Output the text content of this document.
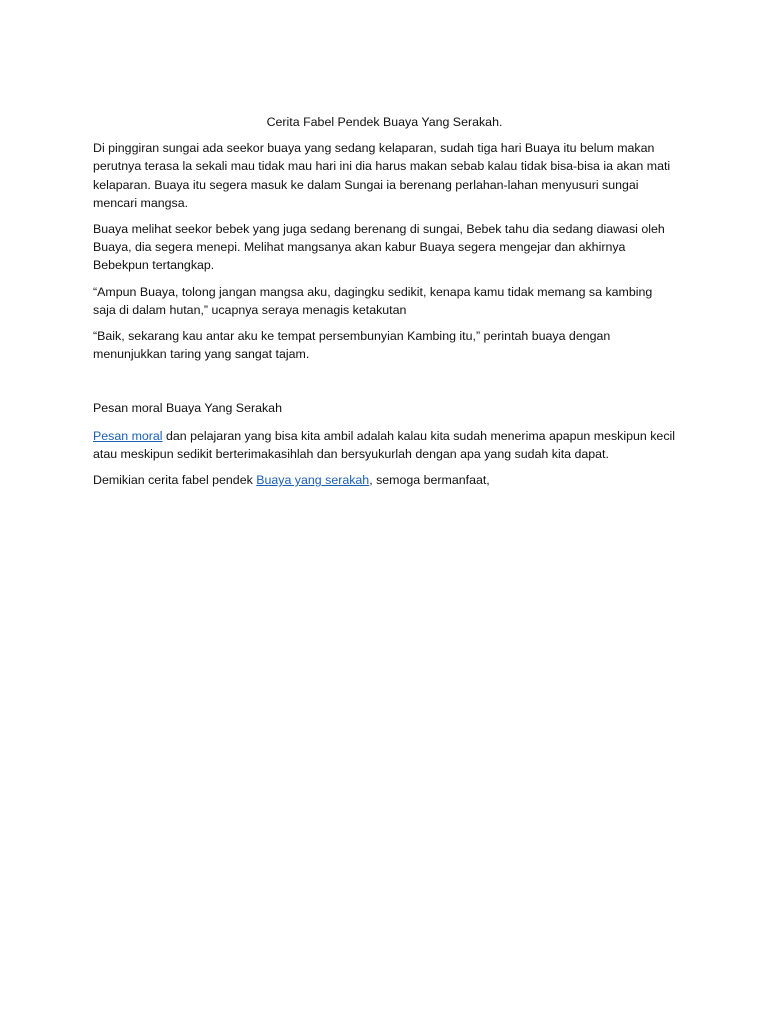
Cerita Fabel Pendek Buaya Yang Serakah.

Di pinggiran sungai ada seekor buaya yang sedang kelaparan, sudah tiga hari Buaya itu belum makan perutnya terasa la sekali mau tidak mau hari ini dia harus makan sebab kalau tidak bisa-bisa ia akan mati kelaparan. Buaya itu segera masuk ke dalam Sungai ia berenang perlahan-lahan menyusuri sungai mencari mangsa.

Buaya melihat seekor bebek yang juga sedang berenang di sungai, Bebek tahu dia sedang diawasi oleh Buaya, dia segera menepi. Melihat mangsanya akan kabur Buaya segera mengejar dan akhirnya Bebekpun tertangkap.

“Ampun Buaya, tolong jangan mangsa aku, dagingku sedikit, kenapa kamu tidak memang sa kambing saja di dalam hutan,” ucapnya seraya menagis ketakutan

“Baik, sekarang kau antar aku ke tempat persembunyian Kambing itu,” perintah buaya dengan menunjukkan taring yang sangat tajam.

Pesan moral Buaya Yang Serakah

Pesan moral dan pelajaran yang bisa kita ambil adalah kalau kita sudah menerima apapun meskipun kecil atau meskipun sedikit berterimakasihlah dan bersyukurlah dengan apa yang sudah kita dapat.

Demikian cerita fabel pendek Buaya yang serakah, semoga bermanfaat,
